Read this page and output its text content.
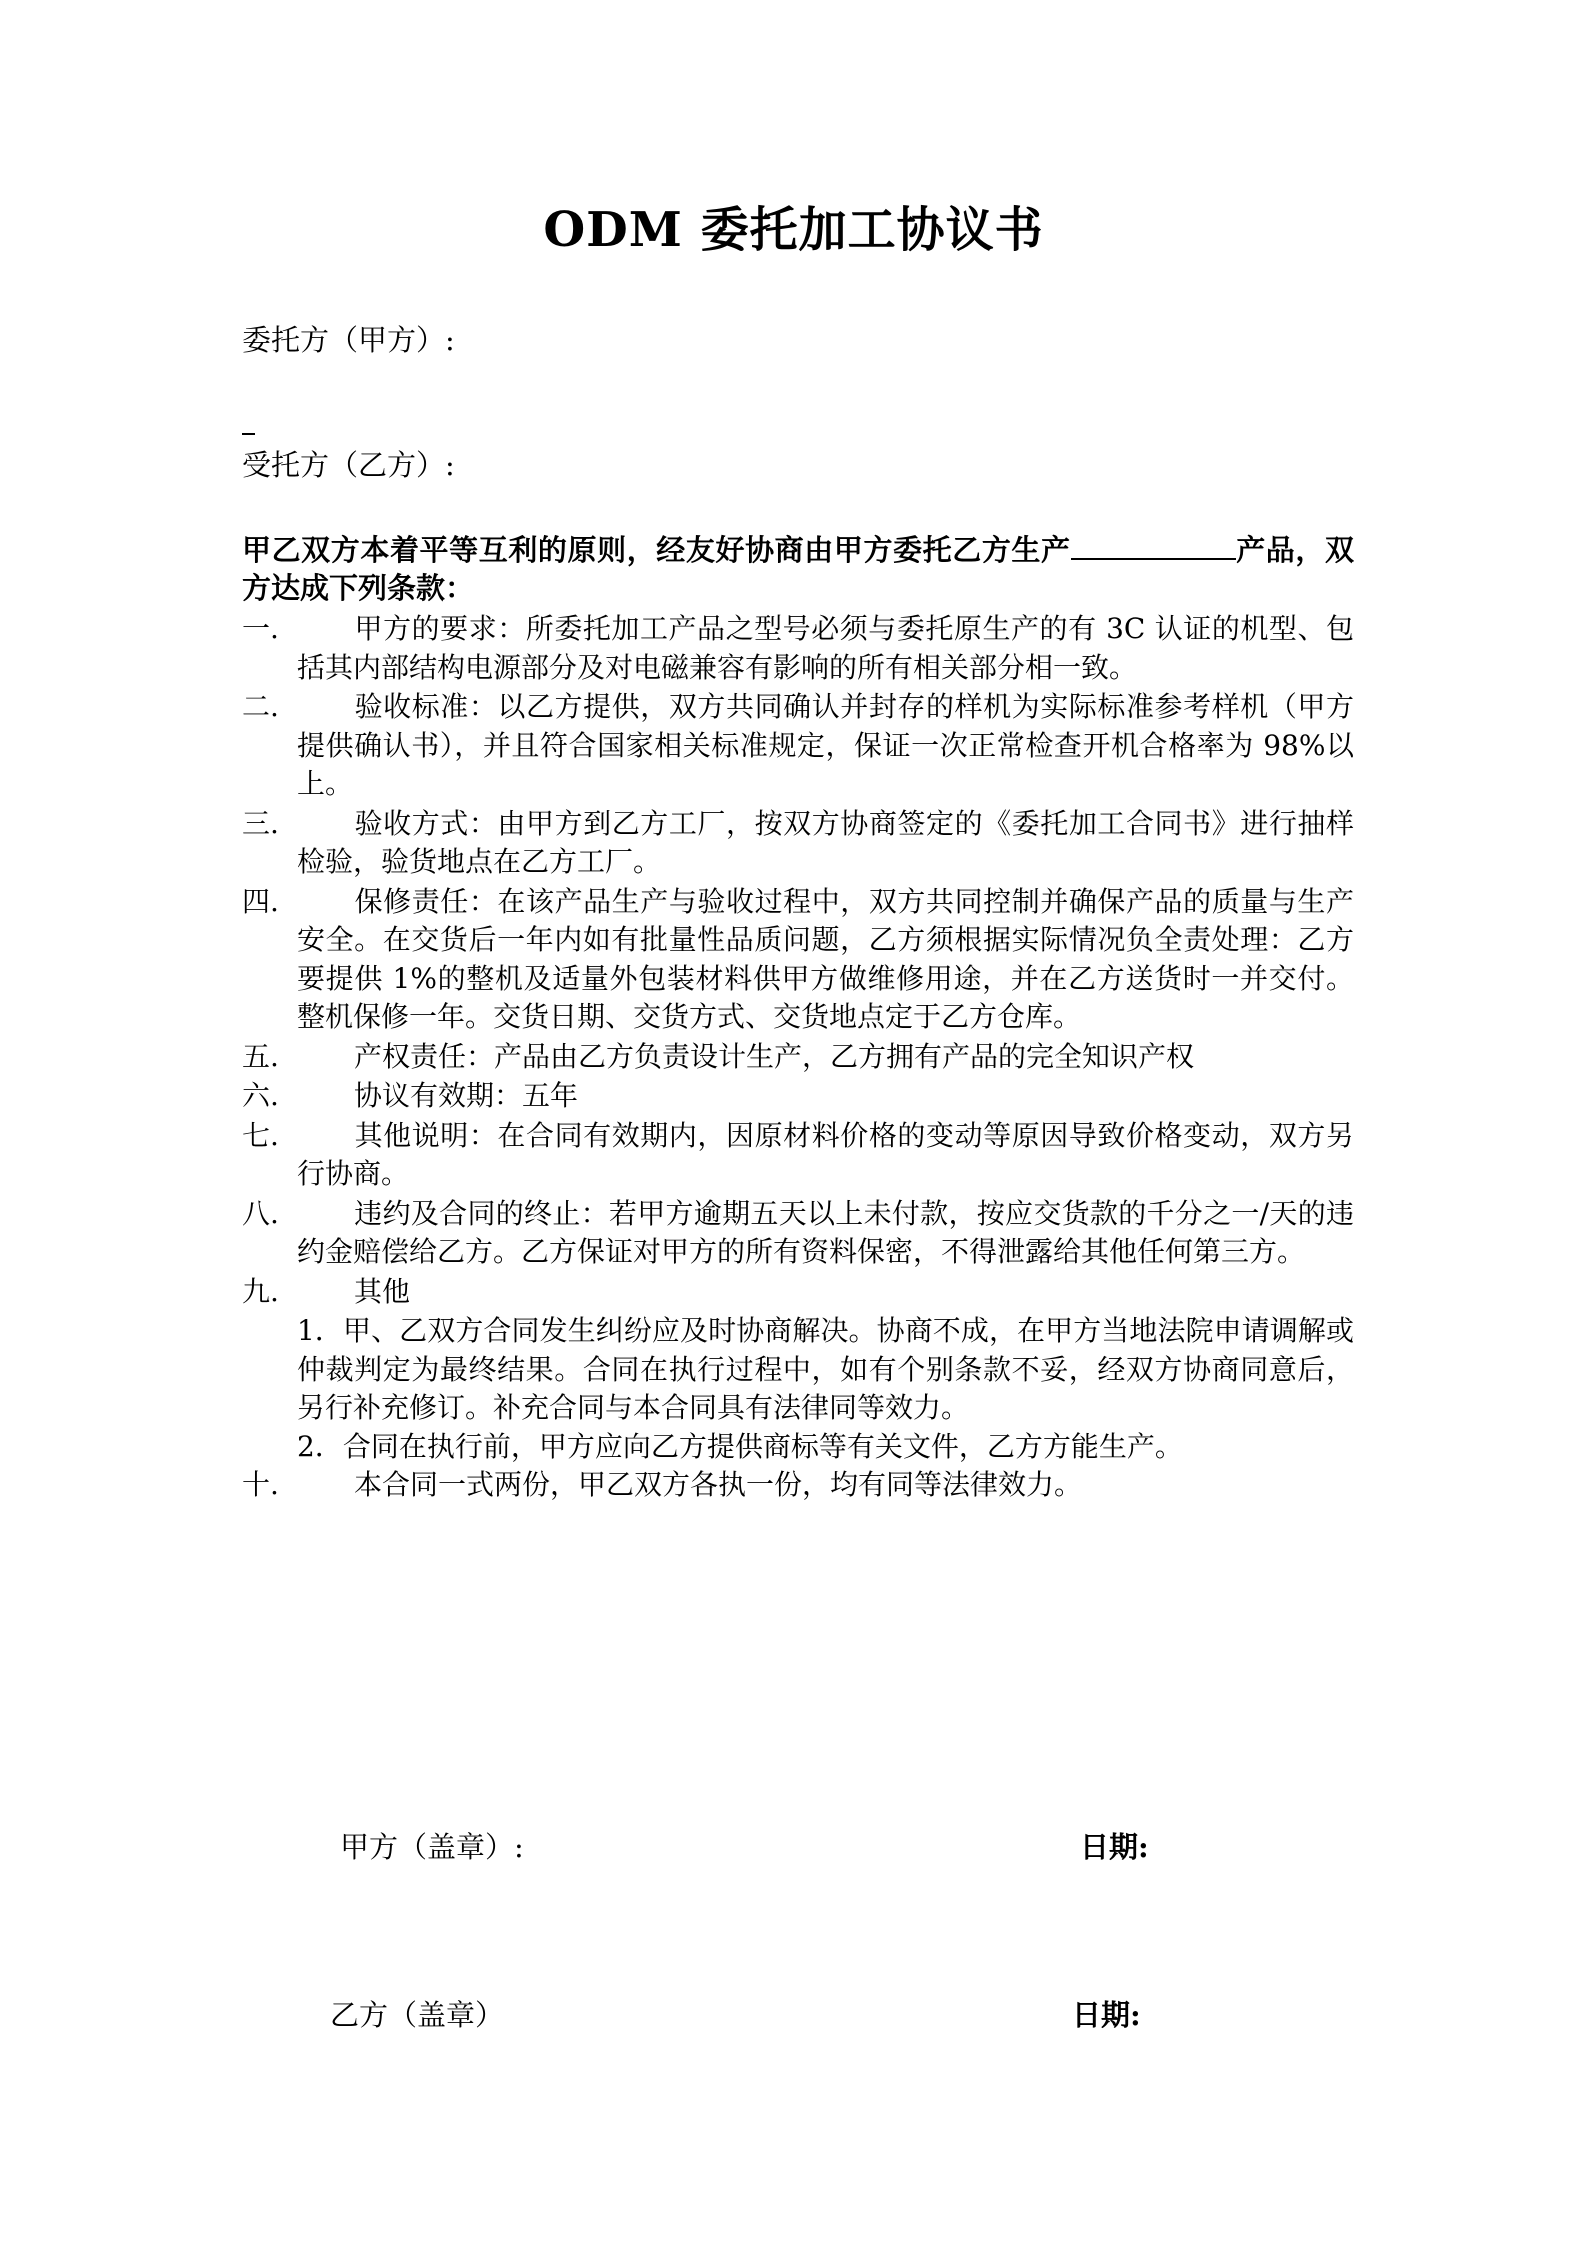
ODM 委托加工协议书
委托方（甲方）:
受托方（乙方）:
甲乙双方本着平等互利的原则，经友好协商由甲方委托乙方生产	产品，双方达成下列条款：
一.	甲方的要求：所委托加工产品之型号必须与委托原生产的有 3C 认证的机型、包括其内部结构电源部分及对电磁兼容有影响的所有相关部分相一致。
二.	验收标准：以乙方提供，双方共同确认并封存的样机为实际标准参考样机（甲方提供确认书），并且符合国家相关标准规定，保证一次正常检查开机合格率为 98%以上。
三.	验收方式：由甲方到乙方工厂，按双方协商签定的《委托加工合同书》进行抽样检验，验货地点在乙方工厂。
四.	保修责任：在该产品生产与验收过程中，双方共同控制并确保产品的质量与生产安全。在交货后一年内如有批量性品质问题，乙方须根据实际情况负全责处理：乙方要提供 1%的整机及适量外包装材料供甲方做维修用途，并在乙方送货时一并交付。整机保修一年。交货日期、交货方式、交货地点定于乙方仓库。
五.	产权责任：产品由乙方负责设计生产，乙方拥有产品的完全知识产权
六.	协议有效期：五年
七.	其他说明：在合同有效期内，因原材料价格的变动等原因导致价格变动，双方另行协商。
八.	违约及合同的终止：若甲方逾期五天以上未付款，按应交货款的千分之一/天的违约金赔偿给乙方。乙方保证对甲方的所有资料保密，不得泄露给其他任何第三方。
九.	其他
1．甲、乙双方合同发生纠纷应及时协商解决。协商不成，在甲方当地法院申请调解或仲裁判定为最终结果。合同在执行过程中，如有个别条款不妥，经双方协商同意后，另行补充修订。补充合同与本合同具有法律同等效力。
2．合同在执行前，甲方应向乙方提供商标等有关文件，乙方方能生产。
十.	本合同一式两份，甲乙双方各执一份，均有同等法律效力。
甲方（盖章）:	日期:
乙方（盖章）	日期:
